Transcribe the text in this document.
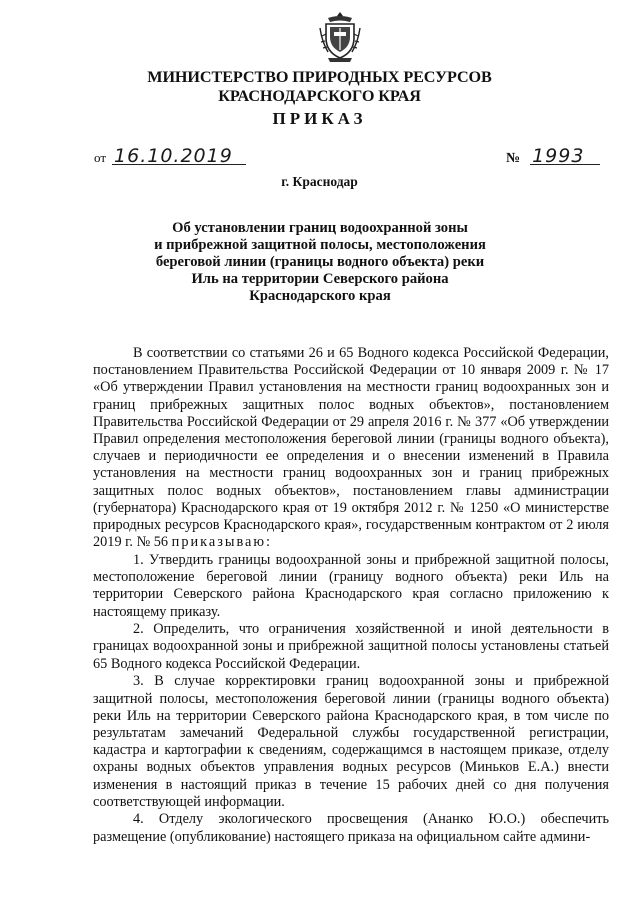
МИНИСТЕРСТВО ПРИРОДНЫХ РЕСУРСОВ
КРАСНОДАРСКОГО КРАЯ
ПРИКАЗ
от 16.10.2019	№ 1993
г. Краснодар
Об установлении границ водоохранной зоны
и прибрежной защитной полосы, местоположения
береговой линии (границы водного объекта) реки
Иль на территории Северского района
Краснодарского края

В соответствии со статьями 26 и 65 Водного кодекса Российской Федерации, постановлением Правительства Российской Федерации от 10 января 2009 г. № 17 «Об утверждении Правил установления на местности границ водоохранных зон и границ прибрежных защитных полос водных объектов», постановлением Правительства Российской Федерации от 29 апреля 2016 г. № 377 «Об утверждении Правил определения местоположения береговой линии (границы водного объекта), случаев и периодичности ее определения и о внесении изменений в Правила установления на местности границ водоохранных зон и границ прибрежных защитных полос водных объектов», постановлением главы администрации (губернатора) Краснодарского края от 19 октября 2012 г. № 1250 «О министерстве природных ресурсов Краснодарского края», государственным контрактом от 2 июля 2019 г. № 56 приказываю:

1. Утвердить границы водоохранной зоны и прибрежной защитной полосы, местоположение береговой линии (границу водного объекта) реки Иль на территории Северского района Краснодарского края согласно приложению к настоящему приказу.

2. Определить, что ограничения хозяйственной и иной деятельности в границах водоохранной зоны и прибрежной защитной полосы установлены статьей 65 Водного кодекса Российской Федерации.

3. В случае корректировки границ водоохранной зоны и прибрежной защитной полосы, местоположения береговой линии (границы водного объекта) реки Иль на территории Северского района Краснодарского края, в том числе по результатам замечаний Федеральной службы государственной регистрации, кадастра и картографии к сведениям, содержащимся в настоящем приказе, отделу охраны водных объектов управления водных ресурсов (Миньков Е.А.) внести изменения в настоящий приказ в течение 15 рабочих дней со дня получения соответствующей информации.

4. Отделу экологического просвещения (Ананко Ю.О.) обеспечить размещение (опубликование) настоящего приказа на официальном сайте админи-
